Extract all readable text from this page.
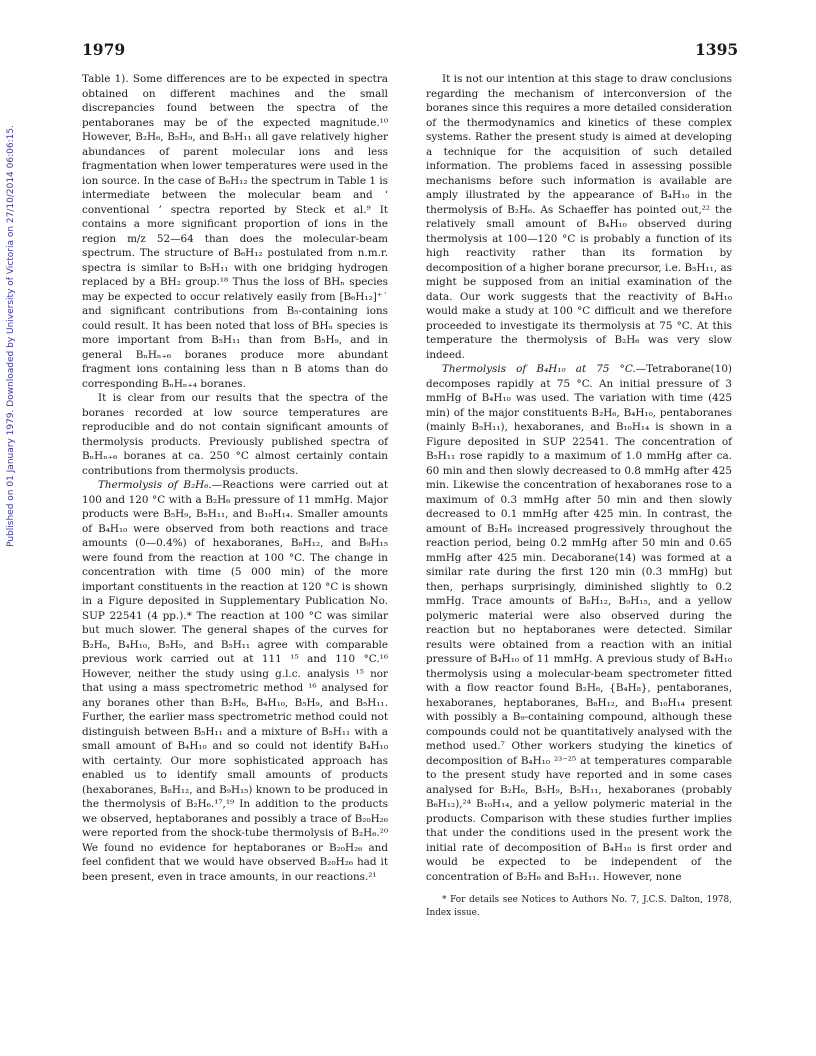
1979	1395
Published on 01 January 1979. Downloaded by University of Victoria on 27/10/2014 06:06:15.

Table 1). Some differences are to be expected in spectra obtained on different machines and the small discrepancies found between the spectra of the pentaboranes may be of the expected magnitude.¹⁰ However, B₂H₆, B₅H₉, and B₅H₁₁ all gave relatively higher abundances of parent molecular ions and less fragmentation when lower temperatures were used in the ion source. In the case of B₆H₁₂ the spectrum in Table 1 is intermediate between the molecular beam and ‘ conventional ’ spectra reported by Steck et al.⁹ It contains a more significant proportion of ions in the region m/z 52—64 than does the molecular-beam spectrum. The structure of B₆H₁₂ postulated from n.m.r. spectra is similar to B₅H₁₁ with one bridging hydrogen replaced by a BH₂ group.¹⁸ Thus the loss of BHₙ species may be expected to occur relatively easily from [B₆H₁₂]⁺˙ and significant contributions from B₅-containing ions could result. It has been noted that loss of BHₙ species is more important from B₅H₁₁ than from B₅H₉, and in general BₙHₙ₊₆ boranes produce more abundant fragment ions containing less than n B atoms than do corresponding BₙHₙ₊₄ boranes.

It is clear from our results that the spectra of the boranes recorded at low source temperatures are reproducible and do not contain significant amounts of thermolysis products. Previously published spectra of BₙHₙ₊₆ boranes at ca. 250 °C almost certainly contain contributions from thermolysis products.

Thermolysis of B₂H₆.—Reactions were carried out at 100 and 120 °C with a B₂H₆ pressure of 11 mmHg. Major products were B₅H₉, B₅H₁₁, and B₁₀H₁₄. Smaller amounts of B₄H₁₀ were observed from both reactions and trace amounts (0—0.4%) of hexaboranes, B₈H₁₂, and B₉H₁₅ were found from the reaction at 100 °C. The change in concentration with time (5 000 min) of the more important constituents in the reaction at 120 °C is shown in a Figure deposited in Supplementary Publication No. SUP 22541 (4 pp.).* The reaction at 100 °C was similar but much slower. The general shapes of the curves for B₂H₆, B₄H₁₀, B₅H₉, and B₅H₁₁ agree with comparable previous work carried out at 111 ¹⁵ and 110 °C.¹⁶ However, neither the study using g.l.c. analysis ¹⁵ nor that using a mass spectrometric method ¹⁶ analysed for any boranes other than B₂H₆, B₄H₁₀, B₅H₉, and B₅H₁₁. Further, the earlier mass spectrometric method could not distinguish between B₅H₁₁ and a mixture of B₅H₁₁ with a small amount of B₄H₁₀ and so could not identify B₄H₁₀ with certainty. Our more sophisticated approach has enabled us to identify small amounts of products (hexaboranes, B₈H₁₂, and B₉H₁₅) known to be produced in the thermolysis of B₂H₆.¹⁷,¹⁹ In addition to the products we observed, heptaboranes and possibly a trace of B₂₀H₂₆ were reported from the shock-tube thermolysis of B₂H₆.²⁰ We found no evidence for heptaboranes or B₂₀H₂₆ and feel confident that we would have observed B₂₀H₂₆ had it been present, even in trace amounts, in our reactions.²¹

It is not our intention at this stage to draw conclusions regarding the mechanism of interconversion of the boranes since this requires a more detailed consideration of the thermodynamics and kinetics of these complex systems. Rather the present study is aimed at developing a technique for the acquisition of such detailed information. The problems faced in assessing possible mechanisms before such information is available are amply illustrated by the appearance of B₄H₁₀ in the thermolysis of B₂H₆. As Schaeffer has pointed out,²² the relatively small amount of B₄H₁₀ observed during thermolysis at 100—120 °C is probably a function of its high reactivity rather than its formation by decomposition of a higher borane precursor, i.e. B₅H₁₁, as might be supposed from an initial examination of the data. Our work suggests that the reactivity of B₄H₁₀ would make a study at 100 °C difficult and we therefore proceeded to investigate its thermolysis at 75 °C. At this temperature the thermolysis of B₂H₆ was very slow indeed.

Thermolysis of B₄H₁₀ at 75 °C.—Tetraborane(10) decomposes rapidly at 75 °C. An initial pressure of 3 mmHg of B₄H₁₀ was used. The variation with time (425 min) of the major constituents B₂H₆, B₄H₁₀, pentaboranes (mainly B₅H₁₁), hexaboranes, and B₁₀H₁₄ is shown in a Figure deposited in SUP 22541. The concentration of B₅H₁₁ rose rapidly to a maximum of 1.0 mmHg after ca. 60 min and then slowly decreased to 0.8 mmHg after 425 min. Likewise the concentration of hexaboranes rose to a maximum of 0.3 mmHg after 50 min and then slowly decreased to 0.1 mmHg after 425 min. In contrast, the amount of B₂H₆ increased progressively throughout the reaction period, being 0.2 mmHg after 50 min and 0.65 mmHg after 425 min. Decaborane(14) was formed at a similar rate during the first 120 min (0.3 mmHg) but then, perhaps surprisingly, diminished slightly to 0.2 mmHg. Trace amounts of B₈H₁₂, B₉H₁₅, and a yellow polymeric material were also observed during the reaction but no heptaboranes were detected. Similar results were obtained from a reaction with an initial pressure of B₄H₁₀ of 11 mmHg. A previous study of B₄H₁₀ thermolysis using a molecular-beam spectrometer fitted with a flow reactor found B₂H₆, {B₄H₈}, pentaboranes, hexaboranes, heptaboranes, B₈H₁₂, and B₁₀H₁₄ present with possibly a B₉-containing compound, although these compounds could not be quantitatively analysed with the method used.⁷ Other workers studying the kinetics of decomposition of B₄H₁₀ ²³⁻²⁵ at temperatures comparable to the present study have reported and in some cases analysed for B₂H₆, B₅H₉, B₅H₁₁, hexaboranes (probably B₆H₁₂),²⁴ B₁₀H₁₄, and a yellow polymeric material in the products. Comparison with these studies further implies that under the conditions used in the present work the initial rate of decomposition of B₄H₁₀ is first order and would be expected to be independent of the concentration of B₂H₆ and B₅H₁₁. However, none

* For details see Notices to Authors No. 7, J.C.S. Dalton, 1978, Index issue.
